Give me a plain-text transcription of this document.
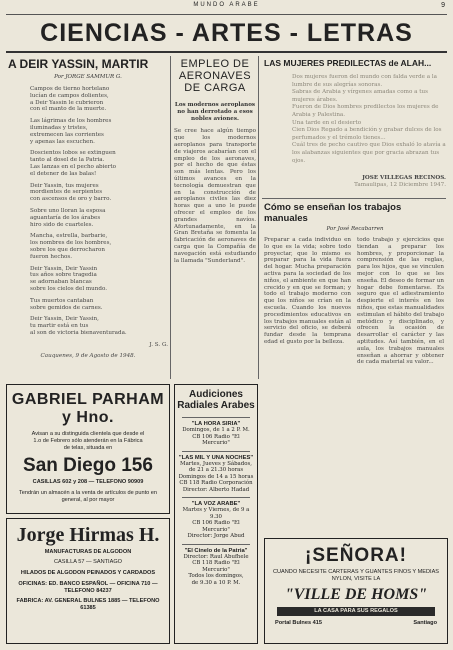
MUNDO ARABE	9
CIENCIAS - ARTES - LETRAS
A DEIR YASSIN, MARTIR
Por JORGE SAMMUR G.
Campos de tierno hortelano
lucían de campos dolientes,
a Deir Yassin le cubrieron
con el manto de la muerte.
Las lágrimas de los hombres
iluminadas y tristes,
extremecen las corrientes
y apenas las escuchen.
Doscientos lobos se extinguen
tanto al dosel de la Patria.
Las lanzas en el pecho abierto
el detener de las balas!
Deir Yassin, tus mujeres
mordientes de serpientes
con ascensos de oro y barro.
Sobre uno lloran la esposa
aguantaría de los árabes
hiro sido de cuarteles.
Mancha, estrella, barbarie,
los nombres de los hombres,
sobre los que derrocharon
fueron hechos.
Deir Yassin, Deir Yassin
tus años sobre tragedia
se adornaban blancas
sobre los cielos del mundo.
Tus muertos cantaban
sobre gemidos de carnes.
Deir Yassin, Deir Yassin,
tu martir está en tus
al son de victoria bienaventurada.
J. S. G.
Cauquenes, 9 de Agosto de 1948.
EMPLEO DE AERONAVES DE CARGA
Los modernos aeroplanos no han derrotado a esos nobles aviones.
Se cree hace algún tiempo que los modernos aeroplanos para transporte de viajeros acabarían con el empleo de los aeronaves, por el hecho de que éstas son más lentas. Pero los últimos avances en la tecnología demuestran que en la construcción de aeroplanos civiles las diez horas que a uno le puede ofrecer el empleo de los grandes navíos. Afortunadamente, en la Gran Bretaña se fomenta la fabricación de aeronaves de carga que la Compañía de navegación está estudiando la llamada "Sunderland".
LAS MUJERES PREDILECTAS de ALAH...
Dos mujeres fueron del mundo con falda verde a la lumbre de sus alegrías sonoras.
Sabras de Arabia y vírgenes amadas como a tus mujeres árabes.
Fueron de Dios hombres predilectos los mujeres de Arabia y Palestina.
Una tarde en el desierto
Cien Dios Regado a bendición y grabar dulces de los perfumados y el trémolo tienes...
Cuál tres de pecho cautivo que Dios exhaló lo atavía a los alabanzas siguientes que por gracia abrazan tus ojos.
JOSE VILLEGAS RECINOS.
Tamaulipas, 12 Diciembre 1947.
Cómo se enseñan los trabajos manuales
Por José Recabarren
Preparar a cada individuo en lo que es la vida; sobre todo proyectar, que lo mismo es preparar para la vida fuera del hogar. Mucha preparación activa para la sociedad de los niños, el ambiente en que han crecido y en que se forman; y todo el trabajo moderno con que los niños se crían en la escuela. Cuando los nuevos procedimientos educativos en los trabajos manuales están al servicio del oficio, se deberá fundar desde la temprana edad el gusto por la belleza.
todo trabajo y ejercicios que tiendan a preparar los hombres, y proporcionar la comprensión de las reglas, para los hijos, que se vinculen mejor con lo que se les enseña. El deseo de formar un hogar debe fomentarse. Es seguro que el adiestramiento despierte el interés en los niños, que estas manualidades estimulan el hábito del trabajo metódico y disciplinado, y ofrecen la ocasión de desarrollar el carácter y las aptitudes. Así también, en el aula, los trabajos manuales enseñan a ahorrar y obtener de cada material su valor...
GABRIEL PARHAM y Hno.
Avisan a su distinguida clientela que desde el
1.o de Febrero sólo atenderán en la Fábrica
de telas, situada en
San Diego 156
CASILLAS 602 y 208 — TELEFONO 90909
Tendrán un almacén a la venta de artículos de punto en general, al por mayor
Jorge Hirmas H.
MANUFACTURAS DE ALGODON
CASILLA 57 — SANTIAGO
HILADOS DE ALGODON PEINADOS Y CARDADOS
OFICINAS: ED. BANCO ESPAÑOL — OFICINA 710 — TELEFONO 84237
FABRICA: AV. GENERAL BULNES 1885 — TELEFONO 61385
Audiciones Radiales Arabes
"LA HORA SIRIA"
Domingos, de 1 a 2 P. M.
CB 106 Radio "El Mercurio"
"LAS MIL Y UNA NOCHES"
Martes, Jueves y Sábados,
de 21 a 21.30 horas
Domingos de 14 a 15 horas
CB 118 Radio Corporación
Director: Alberto Hadad
"LA VOZ ARABE"
Martes y Viernes, de 9 a 9.30
CB 106 Radio "El Mercurio"
Director: Jorge Abud
"El Cinelo de la Patria"
Director: Raul Abufhele
CB 118 Radio "El Mercurio"
Todos los domingos,
de 9.30 a 10 P. M.
¡SEÑORA!
CUANDO NECESITE CARTERAS Y GUANTES FINOS Y MEDIAS NYLON, VISITE LA
"VILLE DE HOMS"
LA CASA PARA SUS REGALOS
Portal Bulnes 415	Santiago
